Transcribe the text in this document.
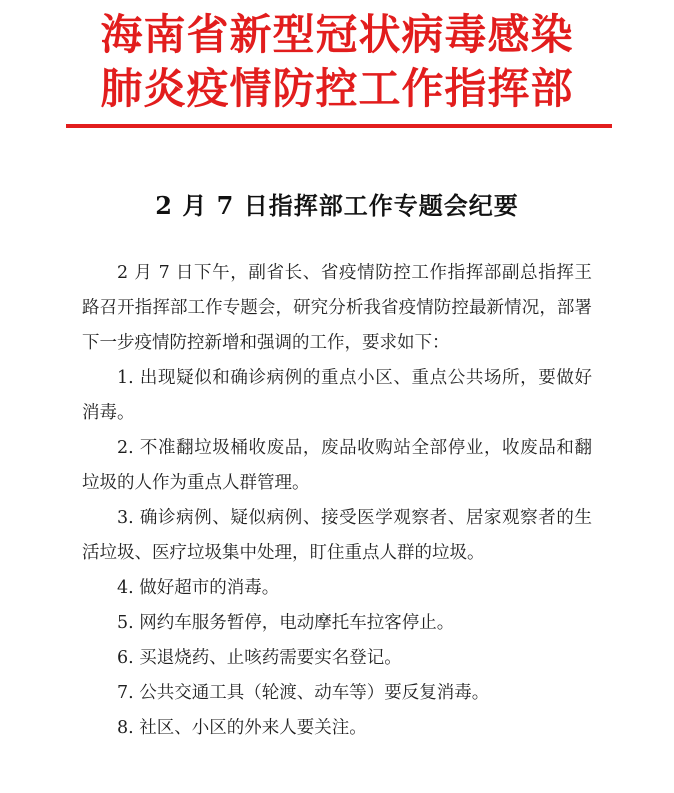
海南省新型冠状病毒感染
肺炎疫情防控工作指挥部
2 月 7 日指挥部工作专题会纪要

2 月 7 日下午，副省长、省疫情防控工作指挥部副总指挥王路召开指挥部工作专题会，研究分析我省疫情防控最新情况，部署下一步疫情防控新增和强调的工作，要求如下：

1. 出现疑似和确诊病例的重点小区、重点公共场所，要做好消毒。

2. 不准翻垃圾桶收废品，废品收购站全部停业，收废品和翻垃圾的人作为重点人群管理。

3. 确诊病例、疑似病例、接受医学观察者、居家观察者的生活垃圾、医疗垃圾集中处理，盯住重点人群的垃圾。

4. 做好超市的消毒。

5. 网约车服务暂停，电动摩托车拉客停止。

6. 买退烧药、止咳药需要实名登记。

7. 公共交通工具（轮渡、动车等）要反复消毒。

8. 社区、小区的外来人要关注。
